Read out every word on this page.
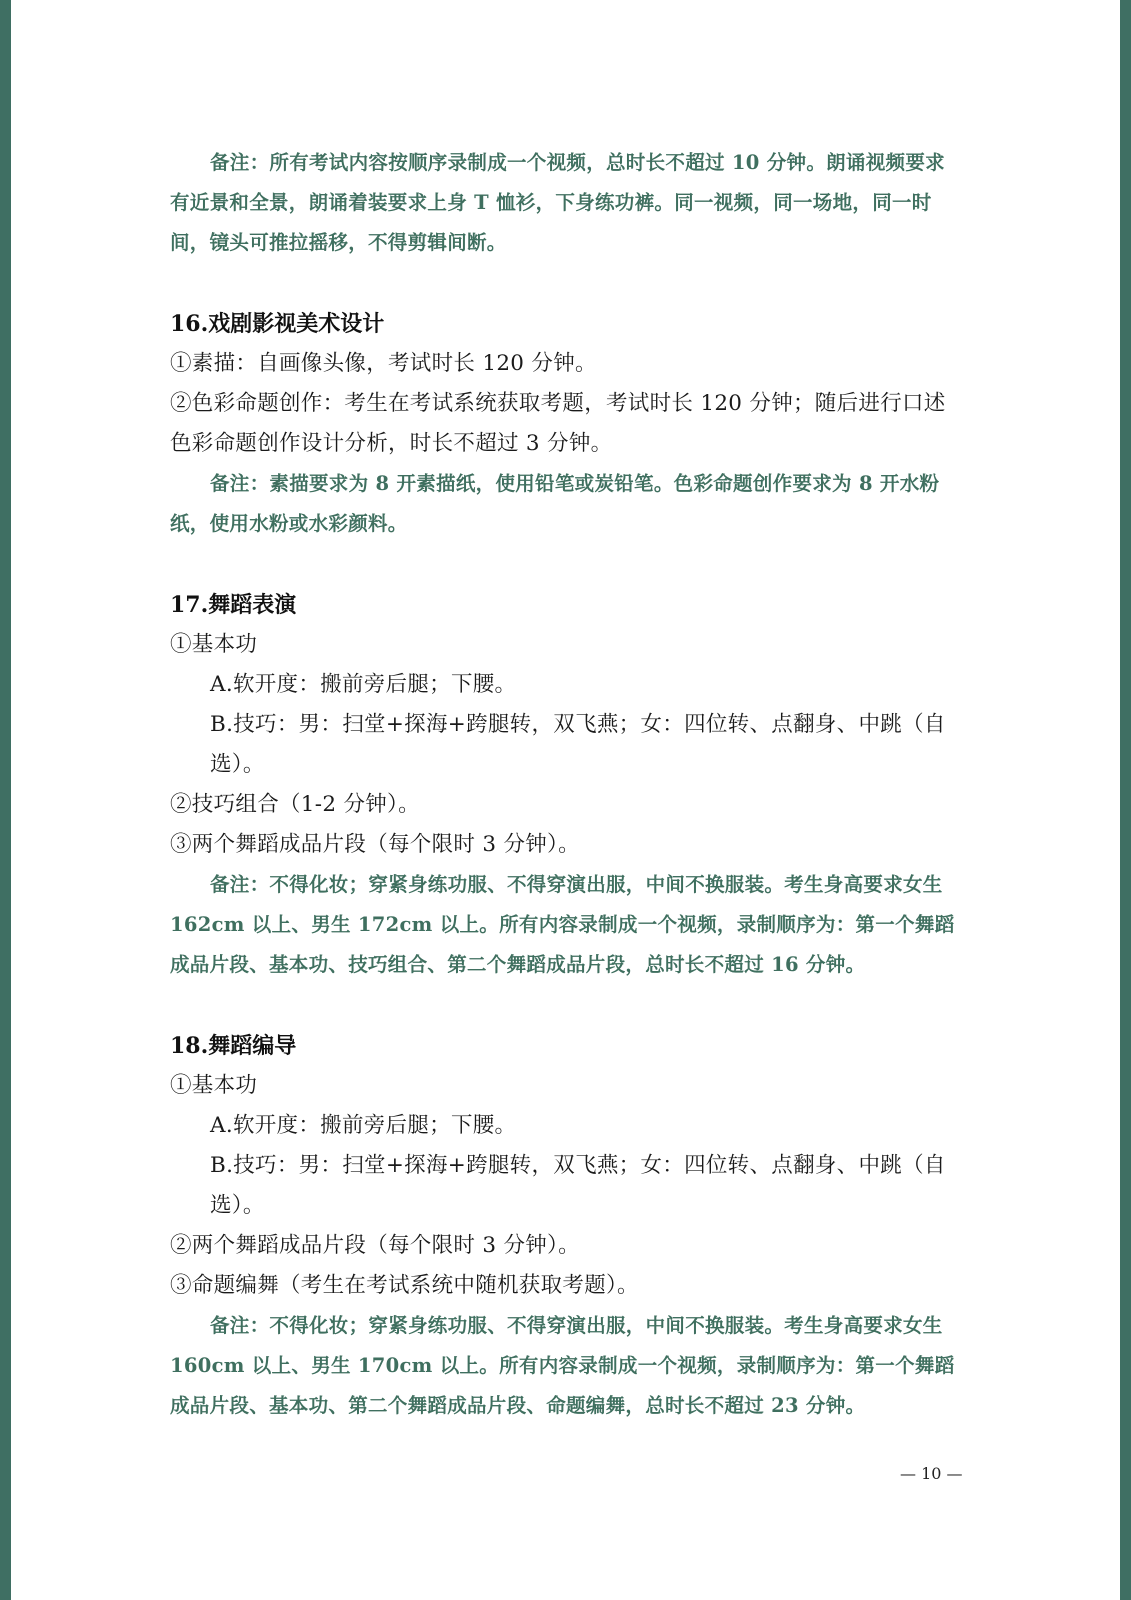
备注：所有考试内容按顺序录制成一个视频，总时长不超过 10 分钟。朗诵视频要求有近景和全景，朗诵着装要求上身 T 恤衫，下身练功裤。同一视频，同一场地，同一时间，镜头可推拉摇移，不得剪辑间断。

16.戏剧影视美术设计

①素描：自画像头像，考试时长 120 分钟。

②色彩命题创作：考生在考试系统获取考题，考试时长 120 分钟；随后进行口述色彩命题创作设计分析，时长不超过 3 分钟。

备注：素描要求为 8 开素描纸，使用铅笔或炭铅笔。色彩命题创作要求为 8 开水粉纸，使用水粉或水彩颜料。

17.舞蹈表演

①基本功

A.软开度：搬前旁后腿；下腰。

B.技巧：男：扫堂+探海+跨腿转，双飞燕；女：四位转、点翻身、中跳（自选）。

②技巧组合（1-2 分钟）。

③两个舞蹈成品片段（每个限时 3 分钟）。

备注：不得化妆；穿紧身练功服、不得穿演出服，中间不换服装。考生身高要求女生 162cm 以上、男生 172cm 以上。所有内容录制成一个视频，录制顺序为：第一个舞蹈成品片段、基本功、技巧组合、第二个舞蹈成品片段，总时长不超过 16 分钟。

18.舞蹈编导

①基本功

A.软开度：搬前旁后腿；下腰。

B.技巧：男：扫堂+探海+跨腿转，双飞燕；女：四位转、点翻身、中跳（自选）。

②两个舞蹈成品片段（每个限时 3 分钟）。

③命题编舞（考生在考试系统中随机获取考题）。

备注：不得化妆；穿紧身练功服、不得穿演出服，中间不换服装。考生身高要求女生 160cm 以上、男生 170cm 以上。所有内容录制成一个视频，录制顺序为：第一个舞蹈成品片段、基本功、第二个舞蹈成品片段、命题编舞，总时长不超过 23 分钟。

— 10 —
